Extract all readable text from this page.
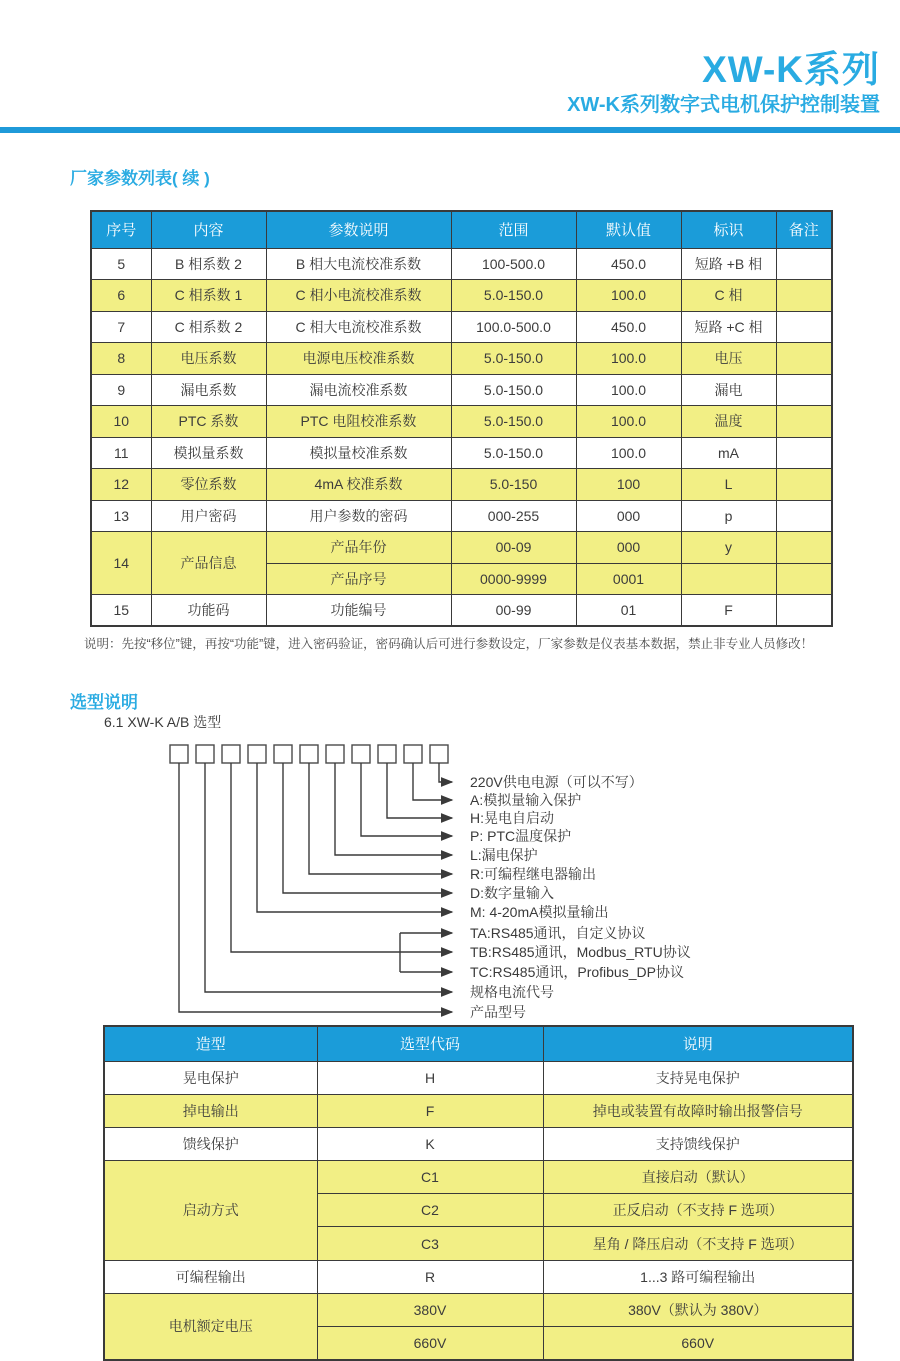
XW-K系列
XW-K系列数字式电机保护控制装置
厂家参数列表( 续 )
序号	内容	参数说明	范围	默认值	标识	备注
5	B 相系数 2	B 相大电流校准系数	100-500.0	450.0	短路 +B 相	
6	C 相系数 1	C 相小电流校准系数	5.0-150.0	100.0	C 相	
7	C 相系数 2	C 相大电流校准系数	100.0-500.0	450.0	短路 +C 相	
8	电压系数	电源电压校准系数	5.0-150.0	100.0	电压	
9	漏电系数	漏电流校准系数	5.0-150.0	100.0	漏电	
10	PTC 系数	PTC 电阻校准系数	5.0-150.0	100.0	温度	
11	模拟量系数	模拟量校准系数	5.0-150.0	100.0	mA	
12	零位系数	4mA 校准系数	5.0-150	100	L	
13	用户密码	用户参数的密码	000-255	000	p	
14	产品信息	产品年份	00-09	000	y	
		产品序号	0000-9999	0001		
15	功能码	功能编号	00-99	01	F	
说明：先按“移位”键，再按“功能”键，进入密码验证，密码确认后可进行参数设定，厂家参数是仪表基本数据，禁止非专业人员修改！
选型说明
6.1 XW-K A/B 选型
220V供电电源（可以不写）
A:模拟量输入保护
H:晃电自启动
P: PTC温度保护
L:漏电保护
R:可编程继电器输出
D:数字量输入
M: 4-20mA模拟量输出
TA:RS485通讯，自定义协议
TB:RS485通讯，Modbus_RTU协议
TC:RS485通讯，Profibus_DP协议
规格电流代号
产品型号
造型	选型代码	说明
晃电保护	H	支持晃电保护
掉电输出	F	掉电或装置有故障时输出报警信号
馈线保护	K	支持馈线保护
启动方式	C1	直接启动（默认）
	C2	正反启动（不支持 F 选项）
	C3	星角 / 降压启动（不支持 F 选项）
可编程输出	R	1...3 路可编程输出
电机额定电压	380V	380V（默认为 380V）
	660V	660V
